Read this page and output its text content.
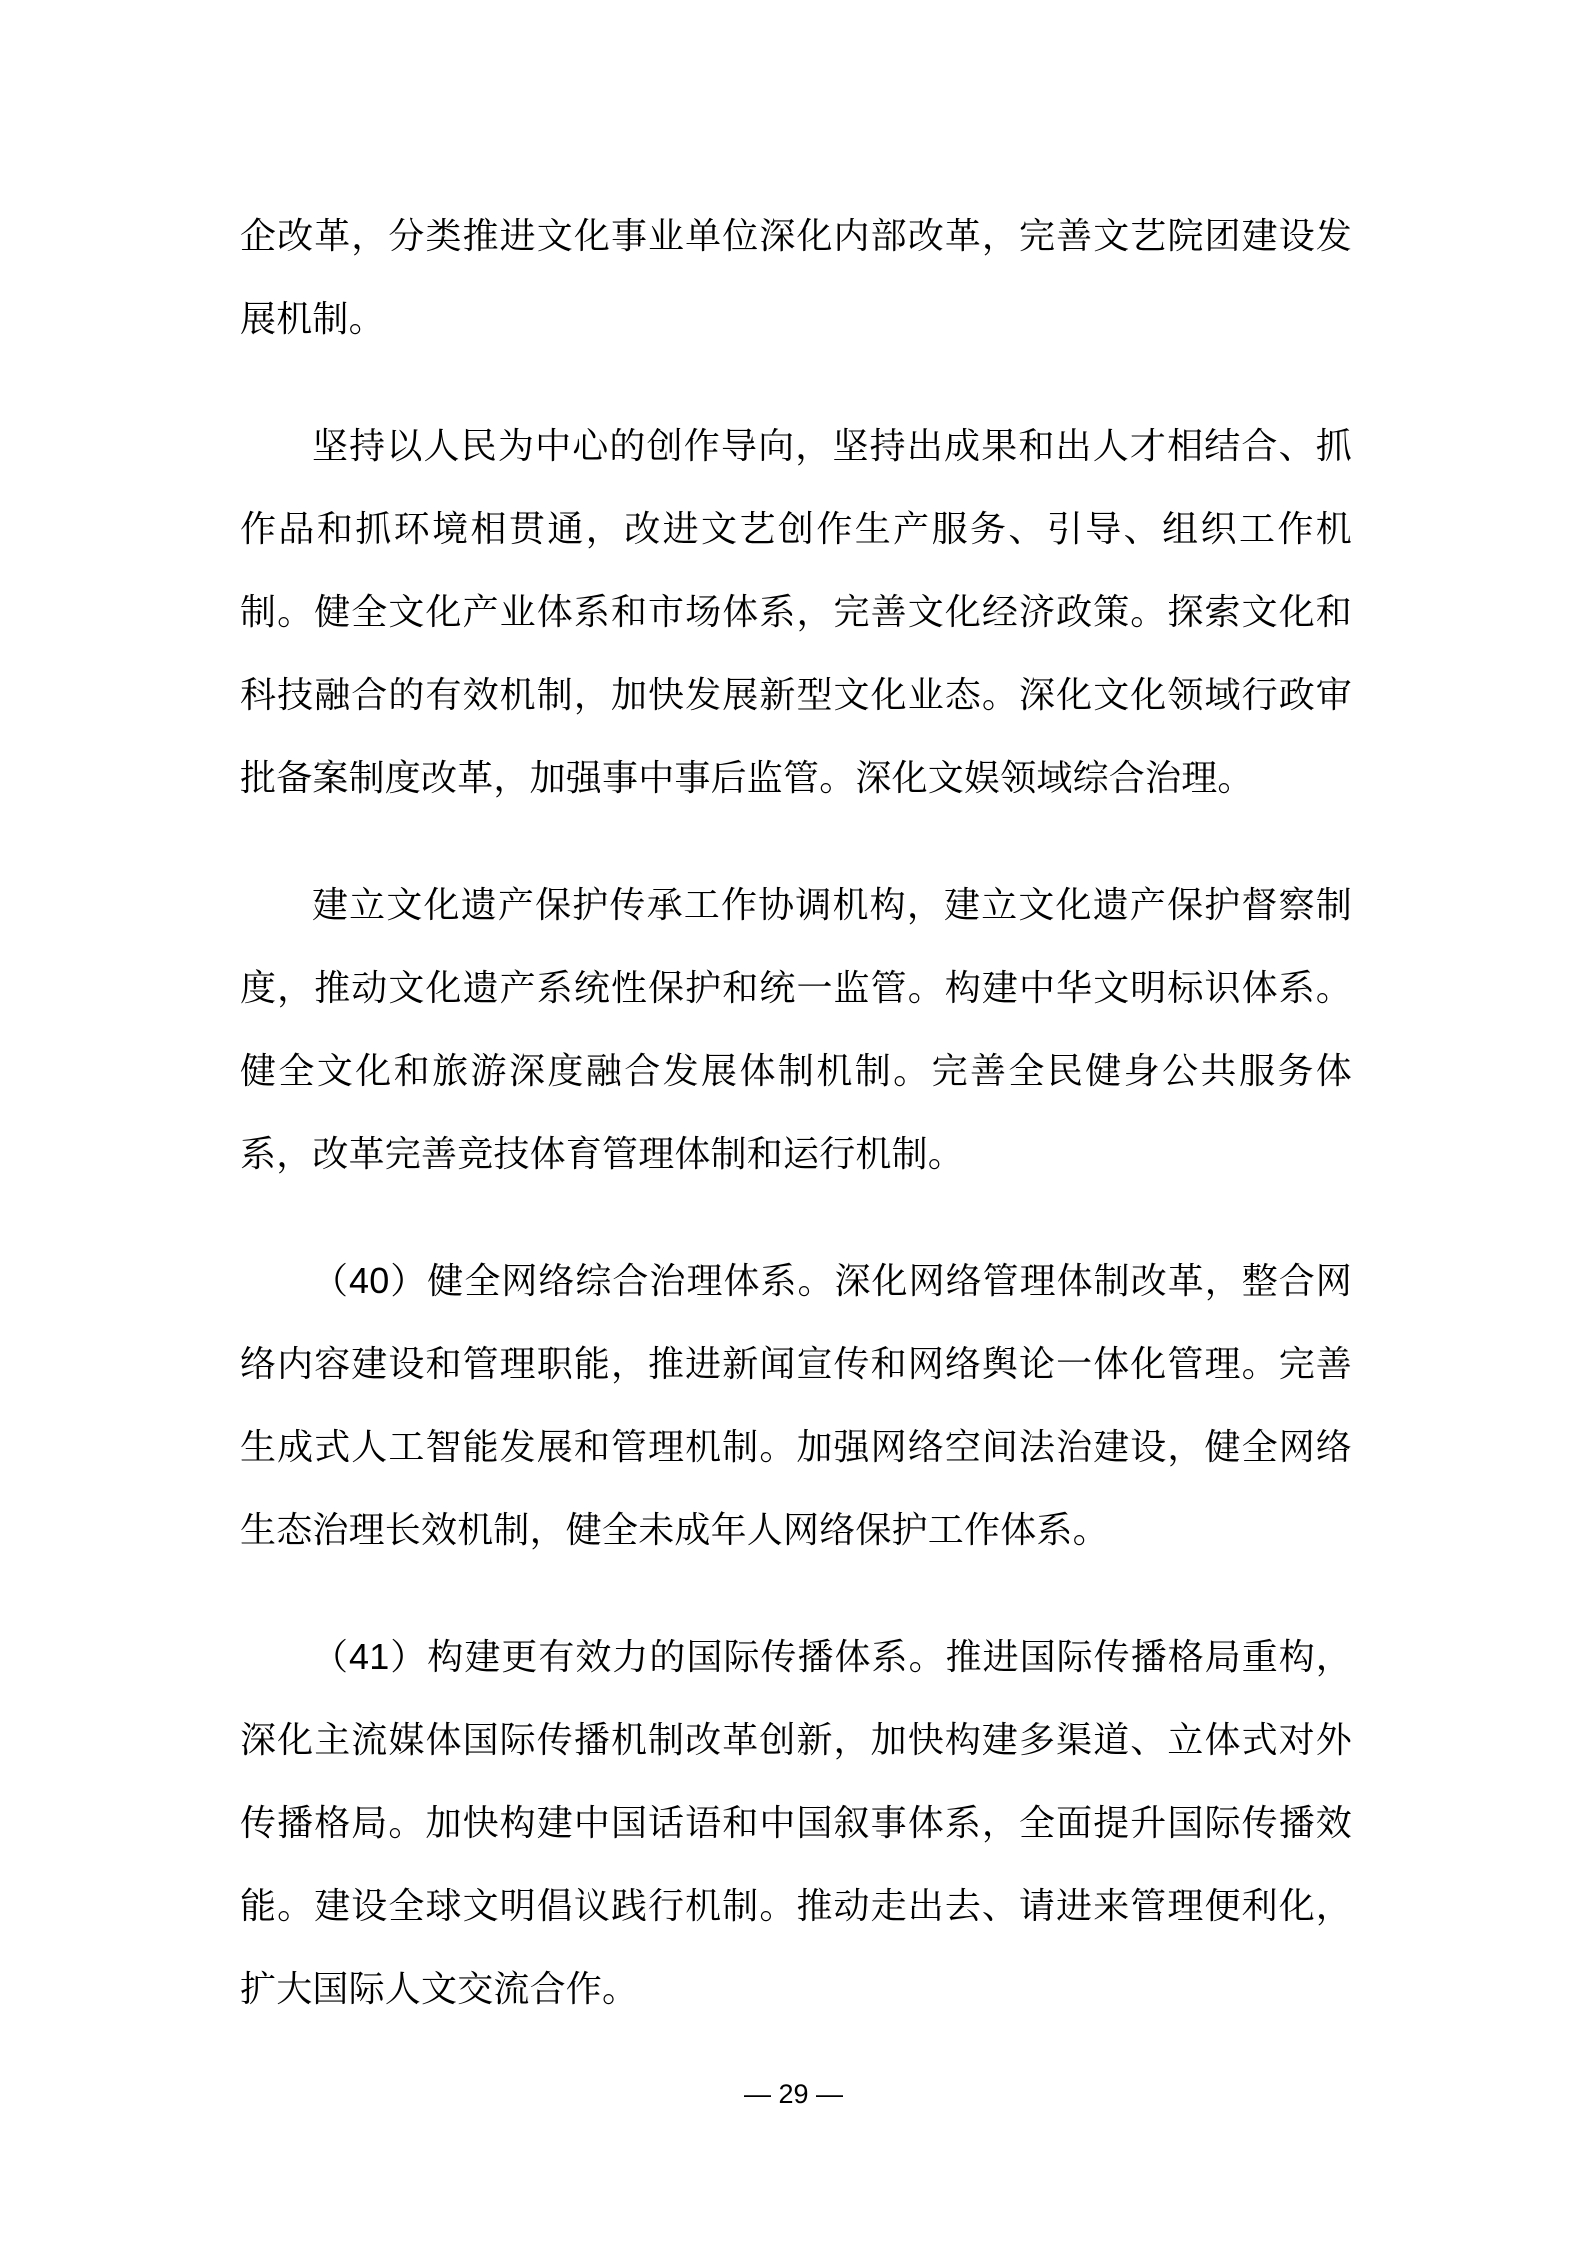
企改革，分类推进文化事业单位深化内部改革，完善文艺院团建设发展机制。

坚持以人民为中心的创作导向，坚持出成果和出人才相结合、抓作品和抓环境相贯通，改进文艺创作生产服务、引导、组织工作机制。健全文化产业体系和市场体系，完善文化经济政策。探索文化和科技融合的有效机制，加快发展新型文化业态。深化文化领域行政审批备案制度改革，加强事中事后监管。深化文娱领域综合治理。

建立文化遗产保护传承工作协调机构，建立文化遗产保护督察制度，推动文化遗产系统性保护和统一监管。构建中华文明标识体系。健全文化和旅游深度融合发展体制机制。完善全民健身公共服务体系，改革完善竞技体育管理体制和运行机制。

（40）健全网络综合治理体系。深化网络管理体制改革，整合网络内容建设和管理职能，推进新闻宣传和网络舆论一体化管理。完善生成式人工智能发展和管理机制。加强网络空间法治建设，健全网络生态治理长效机制，健全未成年人网络保护工作体系。

（41）构建更有效力的国际传播体系。推进国际传播格局重构，深化主流媒体国际传播机制改革创新，加快构建多渠道、立体式对外传播格局。加快构建中国话语和中国叙事体系，全面提升国际传播效能。建设全球文明倡议践行机制。推动走出去、请进来管理便利化，扩大国际人文交流合作。

— 29 —
